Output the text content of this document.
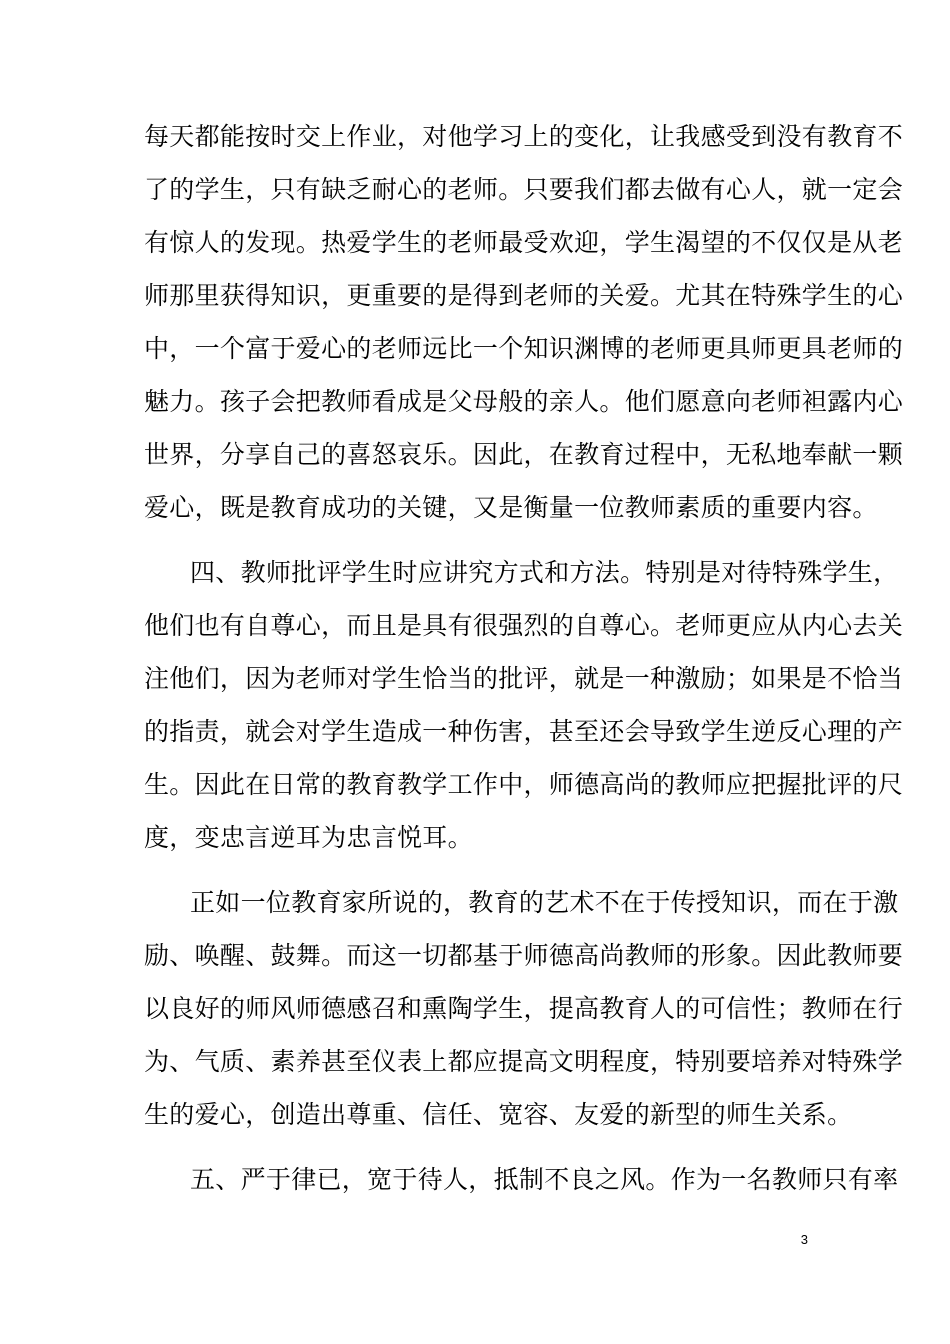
每天都能按时交上作业，对他学习上的变化，让我感受到没有教育不
了的学生，只有缺乏耐心的老师。只要我们都去做有心人，就一定会
有惊人的发现。热爱学生的老师最受欢迎，学生渴望的不仅仅是从老
师那里获得知识，更重要的是得到老师的关爱。尤其在特殊学生的心
中，一个富于爱心的老师远比一个知识渊博的老师更具师更具老师的
魅力。孩子会把教师看成是父母般的亲人。他们愿意向老师袒露内心
世界，分享自己的喜怒哀乐。因此，在教育过程中，无私地奉献一颗
爱心，既是教育成功的关键，又是衡量一位教师素质的重要内容。
四、教师批评学生时应讲究方式和方法。特别是对待特殊学生，
他们也有自尊心，而且是具有很强烈的自尊心。老师更应从内心去关
注他们，因为老师对学生恰当的批评，就是一种激励；如果是不恰当
的指责，就会对学生造成一种伤害，甚至还会导致学生逆反心理的产
生。因此在日常的教育教学工作中，师德高尚的教师应把握批评的尺
度，变忠言逆耳为忠言悦耳。
正如一位教育家所说的，教育的艺术不在于传授知识，而在于激
励、唤醒、鼓舞。而这一切都基于师德高尚教师的形象。因此教师要
以良好的师风师德感召和熏陶学生，提高教育人的可信性；教师在行
为、气质、素养甚至仪表上都应提高文明程度，特别要培养对特殊学
生的爱心，创造出尊重、信任、宽容、友爱的新型的师生关系。
五、严于律已，宽于待人，抵制不良之风。作为一名教师只有率
3
